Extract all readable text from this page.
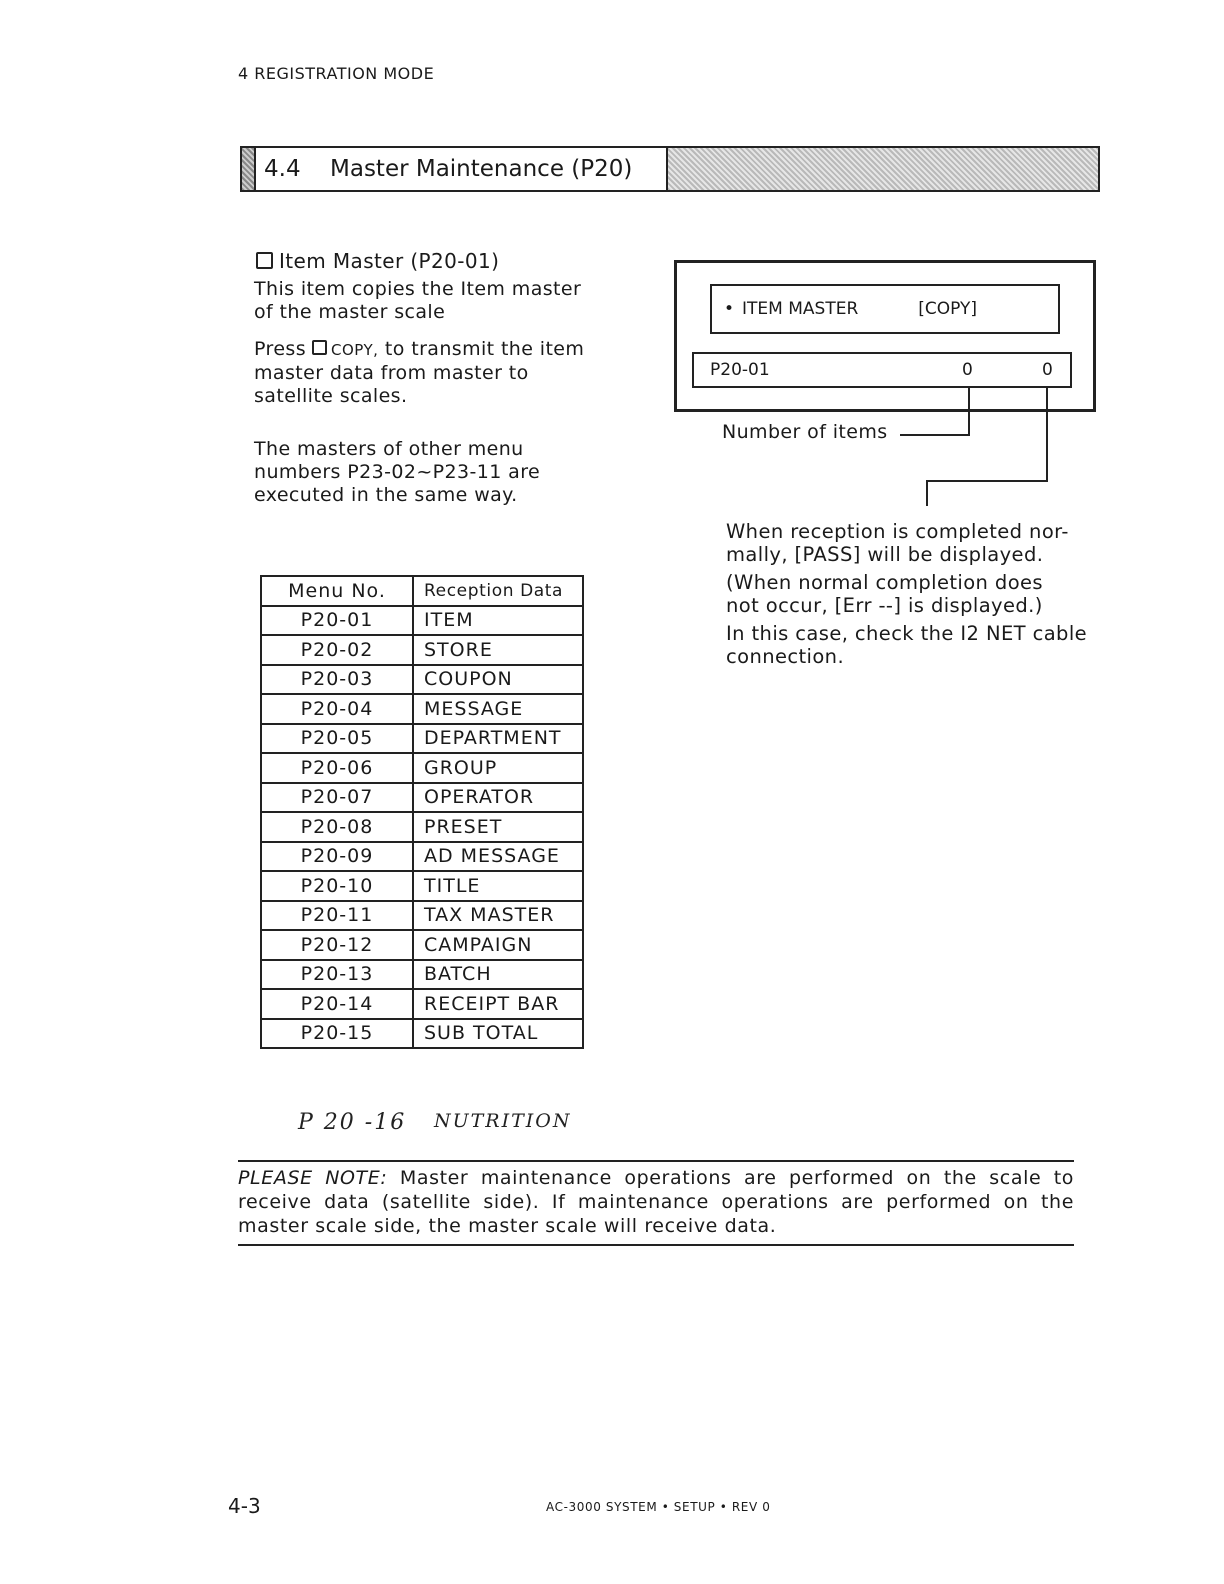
4 REGISTRATION MODE
4.4	Master Maintenance (P20)
Item Master (P20-01)
This item copies the Item master
of the master scale
Press COPY, to transmit the item
master data from master to
satellite scales.
The masters of other menu
numbers P23-02~P23-11 are
executed in the same way.
Menu No.	Reception Data
P20-01	ITEM
P20-02	STORE
P20-03	COUPON
P20-04	MESSAGE
P20-05	DEPARTMENT
P20-06	GROUP
P20-07	OPERATOR
P20-08	PRESET
P20-09	AD MESSAGE
P20-10	TITLE
P20-11	TAX MASTER
P20-12	CAMPAIGN
P20-13	BATCH
P20-14	RECEIPT BAR
P20-15	SUB TOTAL
P 20 -16 NUTRITION
• ITEM MASTER	[COPY]
P20-01	0	0
Number of items
When reception is completed nor-
mally, [PASS] will be displayed.
(When normal completion does
not occur, [Err --] is displayed.)
In this case, check the I2 NET cable
connection.
PLEASE NOTE: Master maintenance operations are performed on the scale to receive data (satellite side). If maintenance operations are performed on the master scale side, the master scale will receive data.
4-3	AC-3000 SYSTEM • SETUP • REV 0
